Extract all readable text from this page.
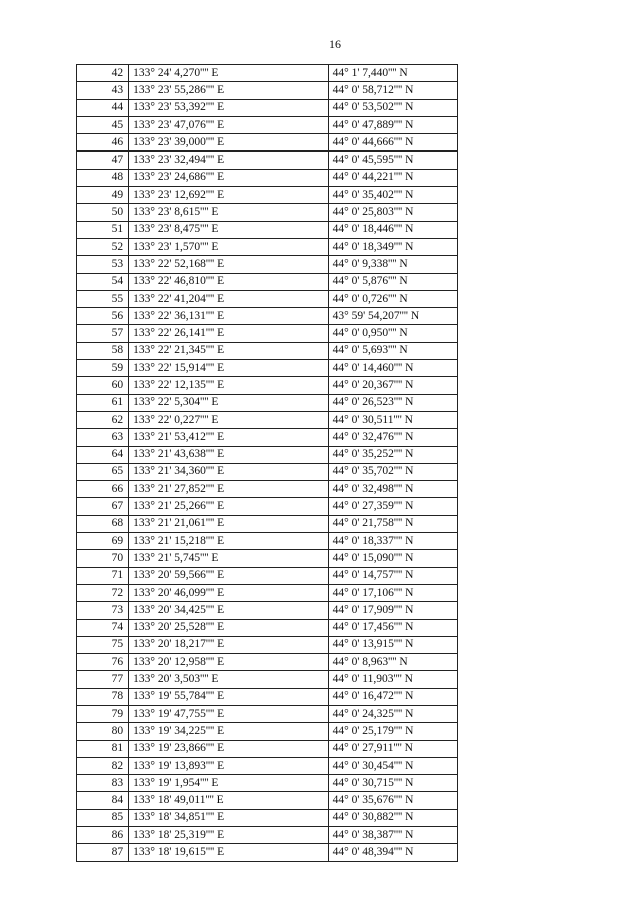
16
42	133° 24' 4,270'''' E	44° 1' 7,440'''' N
43	133° 23' 55,286'''' E	44° 0' 58,712'''' N
44	133° 23' 53,392'''' E	44° 0' 53,502'''' N
45	133° 23' 47,076'''' E	44° 0' 47,889'''' N
46	133° 23' 39,000'''' E	44° 0' 44,666'''' N
47	133° 23' 32,494'''' E	44° 0' 45,595'''' N
48	133° 23' 24,686'''' E	44° 0' 44,221'''' N
49	133° 23' 12,692'''' E	44° 0' 35,402'''' N
50	133° 23' 8,615'''' E	44° 0' 25,803'''' N
51	133° 23' 8,475'''' E	44° 0' 18,446'''' N
52	133° 23' 1,570'''' E	44° 0' 18,349'''' N
53	133° 22' 52,168'''' E	44° 0' 9,338'''' N
54	133° 22' 46,810'''' E	44° 0' 5,876'''' N
55	133° 22' 41,204'''' E	44° 0' 0,726'''' N
56	133° 22' 36,131'''' E	43° 59' 54,207'''' N
57	133° 22' 26,141'''' E	44° 0' 0,950'''' N
58	133° 22' 21,345'''' E	44° 0' 5,693'''' N
59	133° 22' 15,914'''' E	44° 0' 14,460'''' N
60	133° 22' 12,135'''' E	44° 0' 20,367'''' N
61	133° 22' 5,304'''' E	44° 0' 26,523'''' N
62	133° 22' 0,227'''' E	44° 0' 30,511'''' N
63	133° 21' 53,412'''' E	44° 0' 32,476'''' N
64	133° 21' 43,638'''' E	44° 0' 35,252'''' N
65	133° 21' 34,360'''' E	44° 0' 35,702'''' N
66	133° 21' 27,852'''' E	44° 0' 32,498'''' N
67	133° 21' 25,266'''' E	44° 0' 27,359'''' N
68	133° 21' 21,061'''' E	44° 0' 21,758'''' N
69	133° 21' 15,218'''' E	44° 0' 18,337'''' N
70	133° 21' 5,745'''' E	44° 0' 15,090'''' N
71	133° 20' 59,566'''' E	44° 0' 14,757'''' N
72	133° 20' 46,099'''' E	44° 0' 17,106'''' N
73	133° 20' 34,425'''' E	44° 0' 17,909'''' N
74	133° 20' 25,528'''' E	44° 0' 17,456'''' N
75	133° 20' 18,217'''' E	44° 0' 13,915'''' N
76	133° 20' 12,958'''' E	44° 0' 8,963'''' N
77	133° 20' 3,503'''' E	44° 0' 11,903'''' N
78	133° 19' 55,784'''' E	44° 0' 16,472'''' N
79	133° 19' 47,755'''' E	44° 0' 24,325'''' N
80	133° 19' 34,225'''' E	44° 0' 25,179'''' N
81	133° 19' 23,866'''' E	44° 0' 27,911'''' N
82	133° 19' 13,893'''' E	44° 0' 30,454'''' N
83	133° 19' 1,954'''' E	44° 0' 30,715'''' N
84	133° 18' 49,011'''' E	44° 0' 35,676'''' N
85	133° 18' 34,851'''' E	44° 0' 30,882'''' N
86	133° 18' 25,319'''' E	44° 0' 38,387'''' N
87	133° 18' 19,615'''' E	44° 0' 48,394'''' N
